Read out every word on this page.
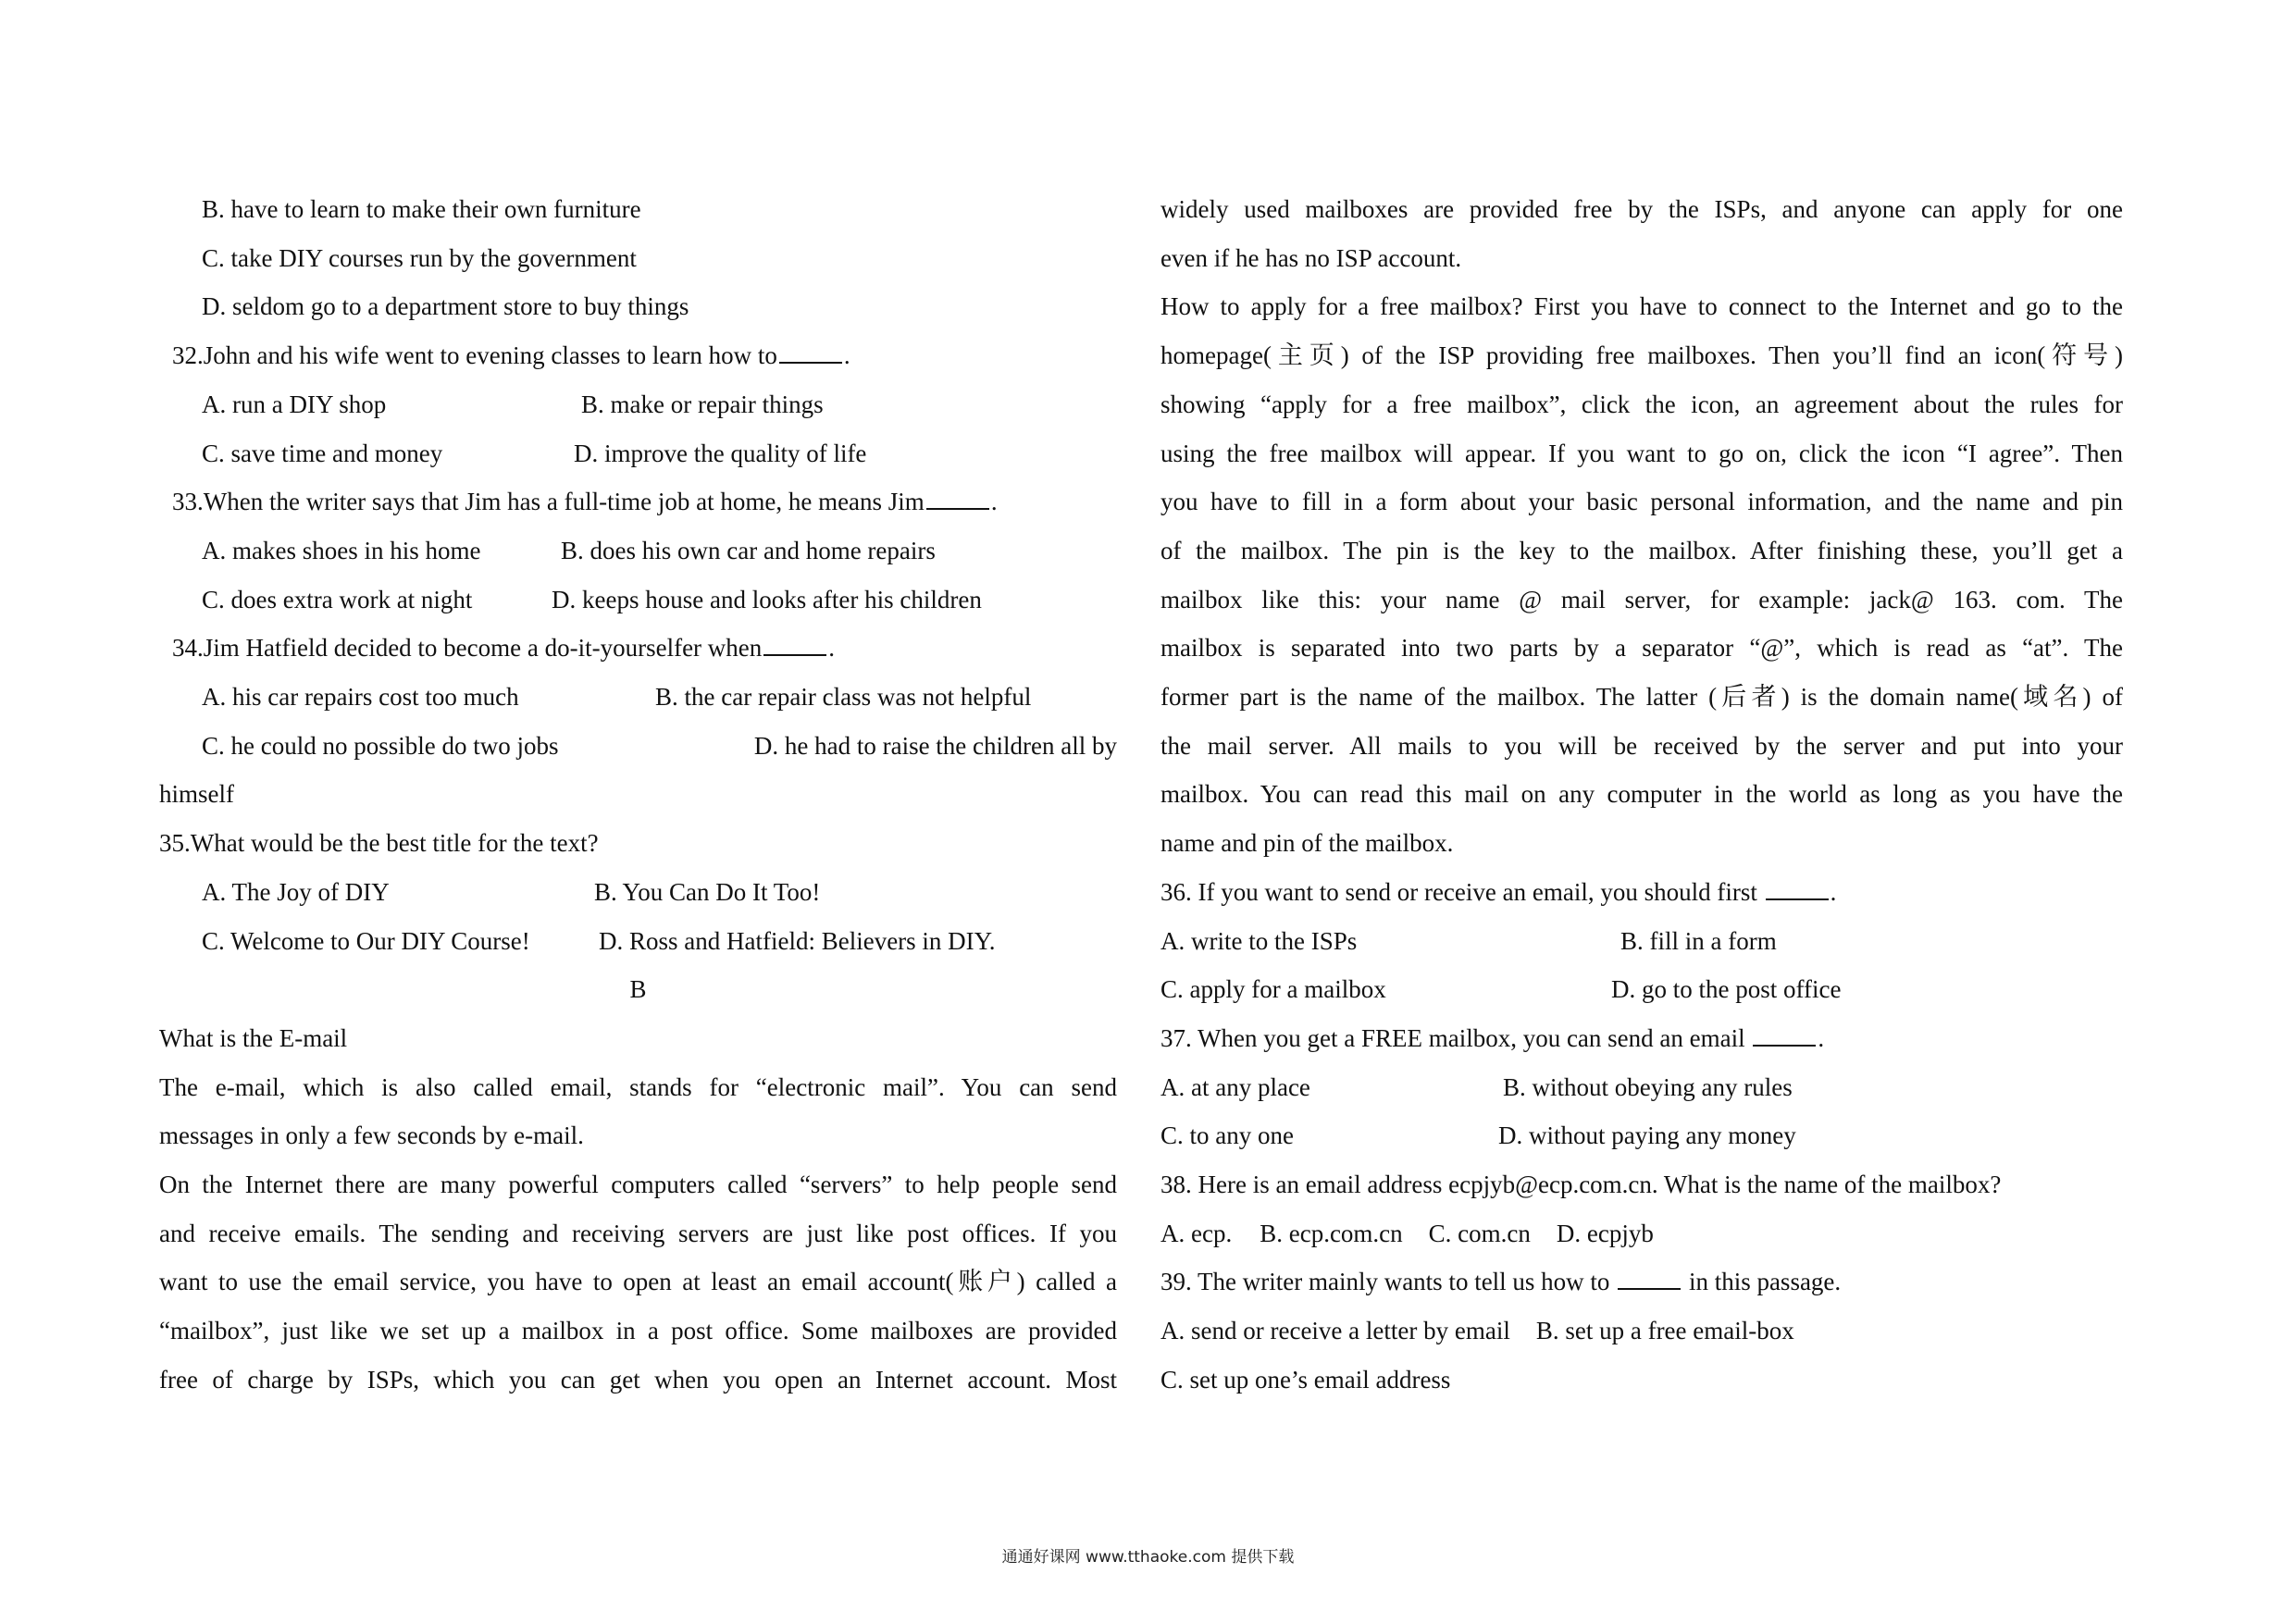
B. have to learn to make their own furniture
C. take DIY courses run by the government
D. seldom go to a department store to buy things
32.John and his wife went to evening classes to learn how to	.
A. run a DIY shop	B. make or repair things
C. save time and money	D. improve the quality of life
33.When the writer says that Jim has a full-time job at home, he means Jim	.
A. makes shoes in his home	B. does his own car and home repairs
C. does extra work at night	D. keeps house and looks after his children
34.Jim Hatfield decided to become a do-it-yourselfer when	.
A. his car repairs cost too much	B. the car repair class was not helpful
C. he could no possible do two jobs	D. he had to raise the children all by
himself
35.What would be the best title for the text?
A. The Joy of DIY	B. You Can Do It Too!
C. Welcome to Our DIY Course!	D. Ross and Hatfield: Believers in DIY.
B
What is the E-mail
The e-mail, which is also called email, stands for “electronic mail”. You can send
messages in only a few seconds by e-mail.
On the Internet there are many powerful computers called “servers” to help people send
and receive emails. The sending and receiving servers are just like post offices. If you
want to use the email service, you have to open at least an email account(账户) called a
“mailbox”, just like we set up a mailbox in a post office. Some mailboxes are provided
free of charge by ISPs, which you can get when you open an Internet account. Most
widely used mailboxes are provided free by the ISPs, and anyone can apply for one
even if he has no ISP account.
How to apply for a free mailbox? First you have to connect to the Internet and go to the
homepage(主页) of the ISP providing free mailboxes. Then you’ll find an icon(符号)
showing “apply for a free mailbox”, click the icon, an agreement about the rules for
using the free mailbox will appear. If you want to go on, click the icon “I agree”. Then
you have to fill in a form about your basic personal information, and the name and pin
of the mailbox. The pin is the key to the mailbox. After finishing these, you’ll get a
mailbox like this: your name @ mail server, for example: jack@ 163. com. The
mailbox is separated into two parts by a separator “@”, which is read as “at”. The
former part is the name of the mailbox. The latter (后者) is the domain name(域名) of
the mail server. All mails to you will be received by the server and put into your
mailbox. You can read this mail on any computer in the world as long as you have the
name and pin of the mailbox.
36. If you want to send or receive an email, you should first	.
A. write to the ISPs	B. fill in a form
C. apply for a mailbox	D. go to the post office
37. When you get a FREE mailbox, you can send an email	.
A. at any place	B. without obeying any rules
C. to any one	D. without paying any money
38. Here is an email address ecpjyb@ecp.com.cn. What is the name of the mailbox?
A. ecp. B. ecp.com.cn C. com.cn D. ecpjyb
39. The writer mainly wants to tell us how to	in this passage.
A. send or receive a letter by email B. set up a free email-box
C. set up one’s email address
通通好课网 www.tthaoke.com 提供下载
